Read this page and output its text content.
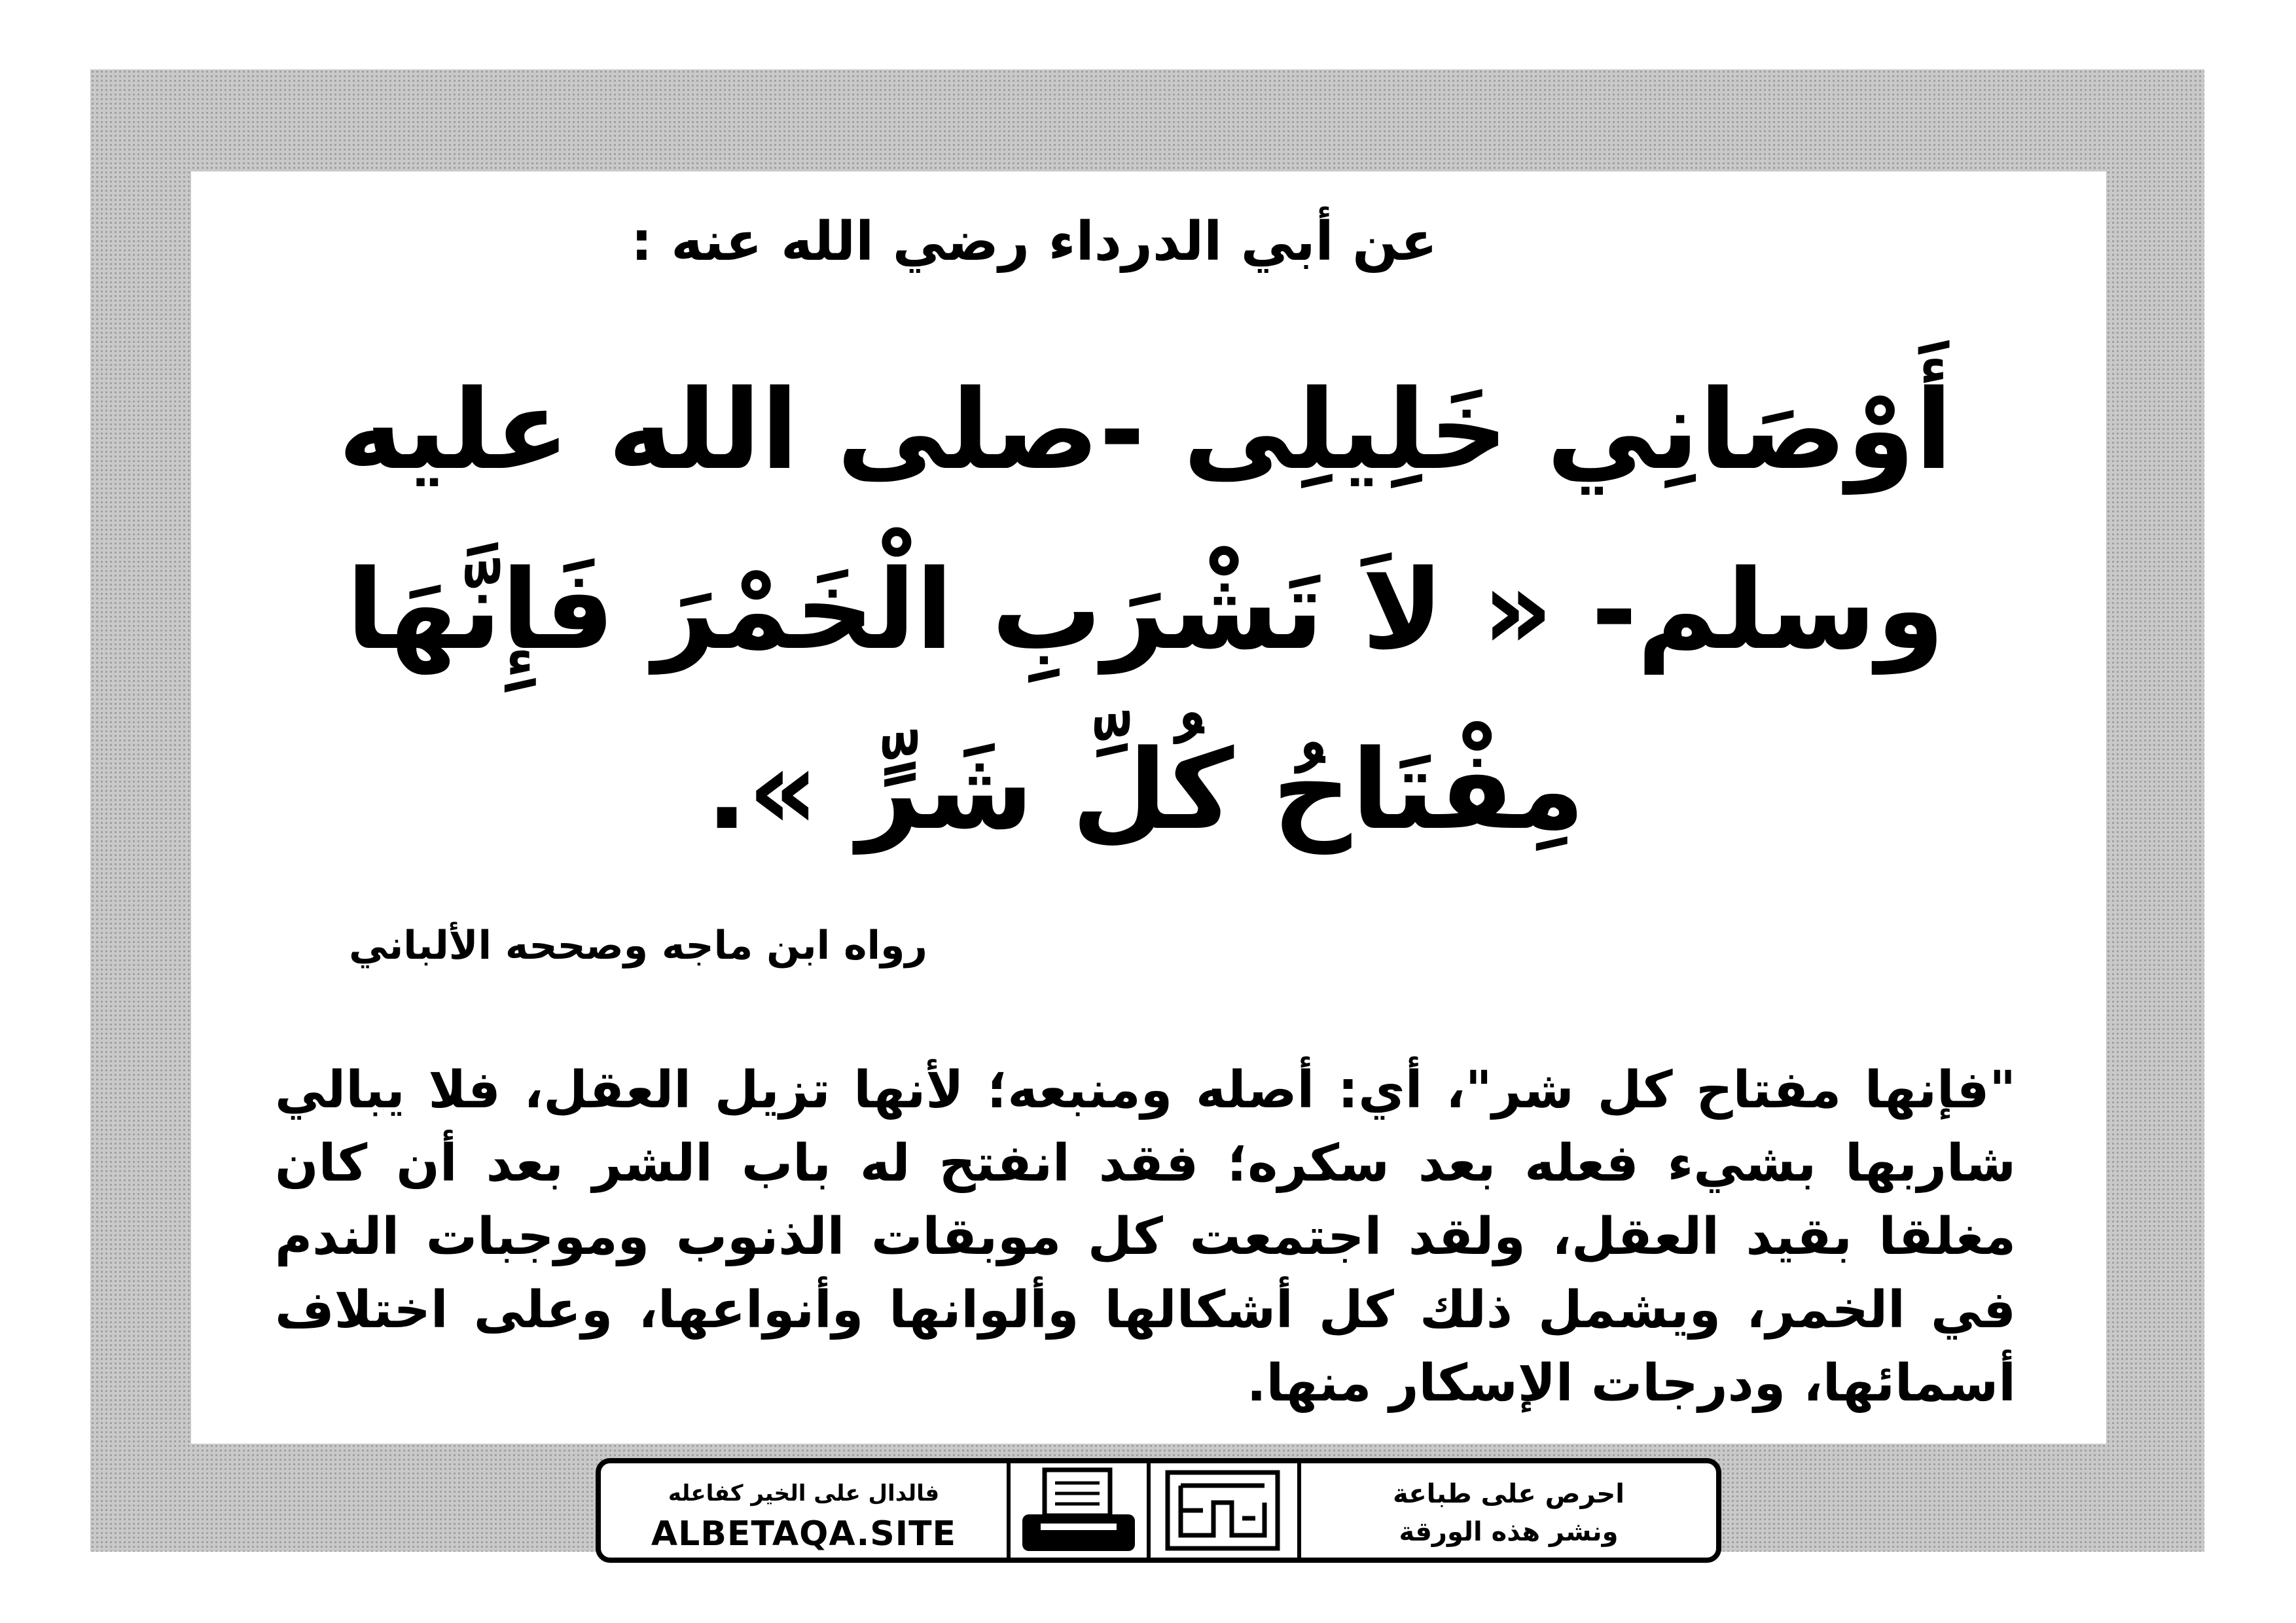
عن أبي الدرداء رضي الله عنه :
أَوْصَانِي خَلِيلِى -صلى الله عليه
وسلم- « لاَ تَشْرَبِ الْخَمْرَ فَإِنَّهَا
مِفْتَاحُ كُلِّ شَرٍّ ».
رواه ابن ماجه وصححه الألباني
"فإنها مفتاح كل شر"، أي: أصله ومنبعه؛ لأنها تزيل العقل، فلا يبالي شاربها بشيء فعله بعد سكره؛ فقد انفتح له باب الشر بعد أن كان مغلقا بقيد العقل، ولقد اجتمعت كل موبقات الذنوب وموجبات الندم في الخمر، ويشمل ذلك كل أشكالها وألوانها وأنواعها، وعلى اختلاف أسمائها، ودرجات الإسكار منها.
فالدال على الخير كفاعله
ALBETAQA.SITE
احرص على طباعة
ونشر هذه الورقة
